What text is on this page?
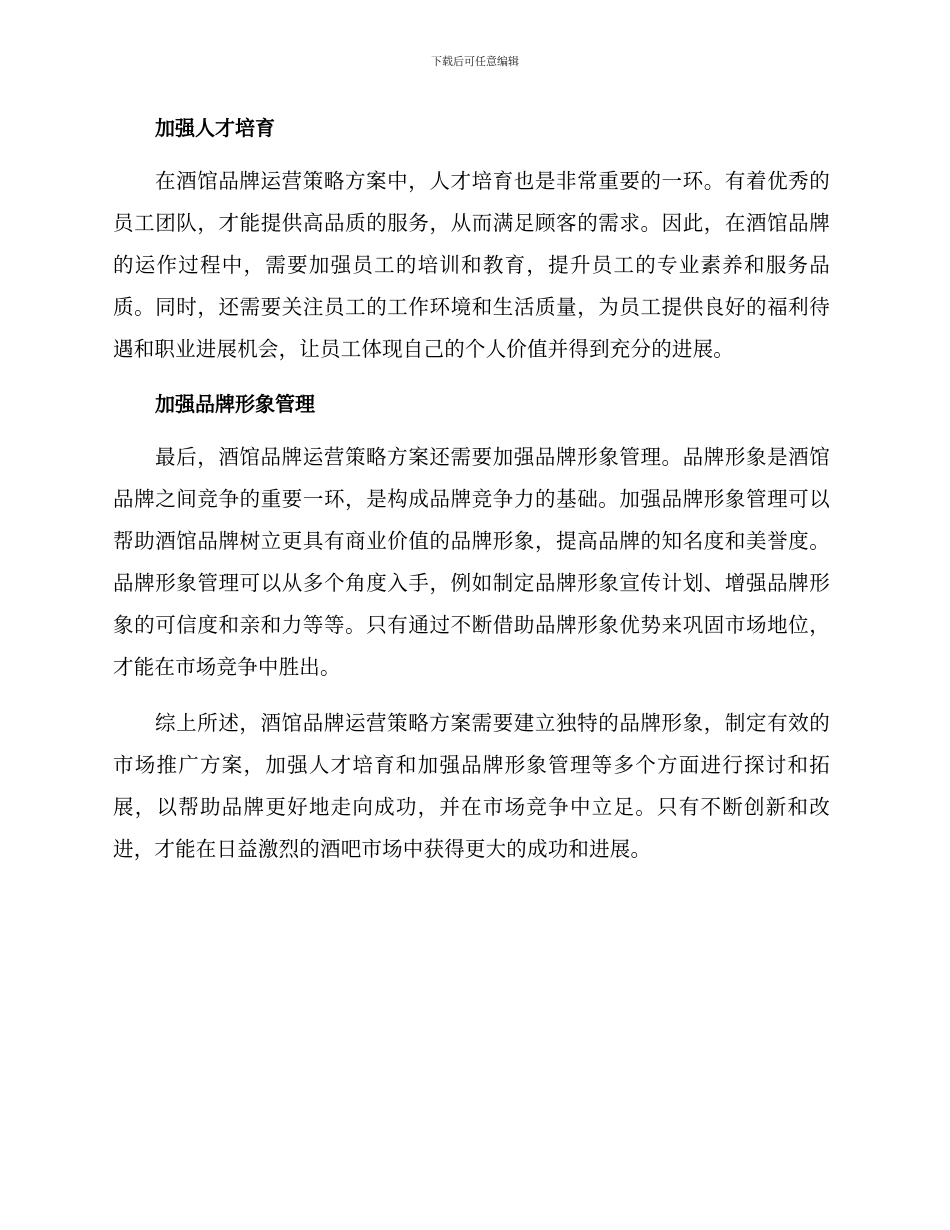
下载后可任意编辑
加强人才培育

在酒馆品牌运营策略方案中，人才培育也是非常重要的一环。有着优秀的员工团队，才能提供高品质的服务，从而满足顾客的需求。因此，在酒馆品牌的运作过程中，需要加强员工的培训和教育，提升员工的专业素养和服务品质。同时，还需要关注员工的工作环境和生活质量，为员工提供良好的福利待遇和职业进展机会，让员工体现自己的个人价值并得到充分的进展。

加强品牌形象管理

最后，酒馆品牌运营策略方案还需要加强品牌形象管理。品牌形象是酒馆品牌之间竞争的重要一环，是构成品牌竞争力的基础。加强品牌形象管理可以帮助酒馆品牌树立更具有商业价值的品牌形象，提高品牌的知名度和美誉度。品牌形象管理可以从多个角度入手，例如制定品牌形象宣传计划、增强品牌形象的可信度和亲和力等等。只有通过不断借助品牌形象优势来巩固市场地位，才能在市场竞争中胜出。

综上所述，酒馆品牌运营策略方案需要建立独特的品牌形象，制定有效的市场推广方案，加强人才培育和加强品牌形象管理等多个方面进行探讨和拓展，以帮助品牌更好地走向成功，并在市场竞争中立足。只有不断创新和改进，才能在日益激烈的酒吧市场中获得更大的成功和进展。
